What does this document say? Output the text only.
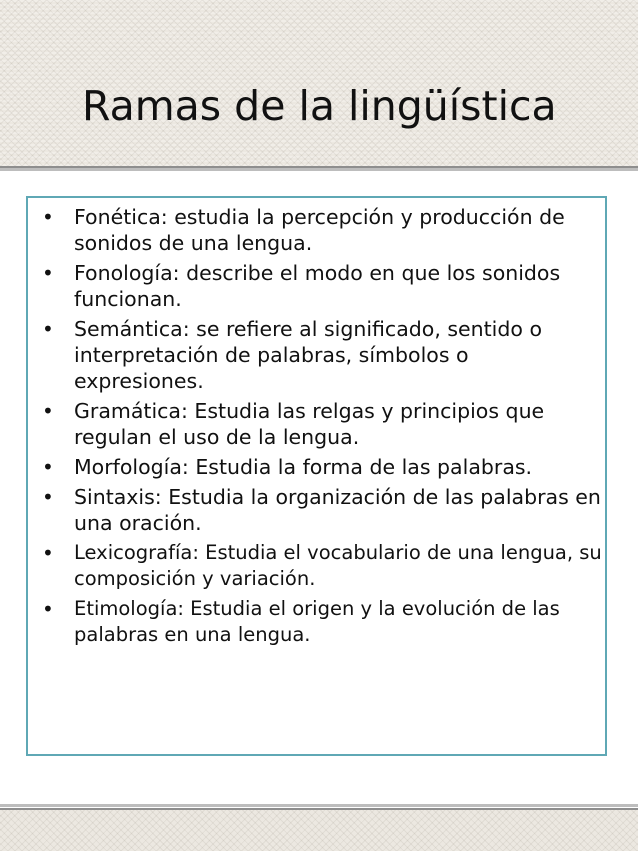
Ramas de la lingüística
• Fonética: estudia la percepción y producción de sonidos de una lengua.
• Fonología: describe el modo en que los sonidos funcionan.
• Semántica: se refiere al significado, sentido o interpretación de palabras, símbolos o expresiones.
• Gramática: Estudia las relgas y principios que regulan el uso de la lengua.
• Morfología: Estudia la forma de las palabras.
• Sintaxis: Estudia la organización de las palabras en una oración.
• Lexicografía: Estudia el vocabulario de una lengua, su composición y variación.
• Etimología: Estudia el origen y la evolución de las palabras en una lengua.
